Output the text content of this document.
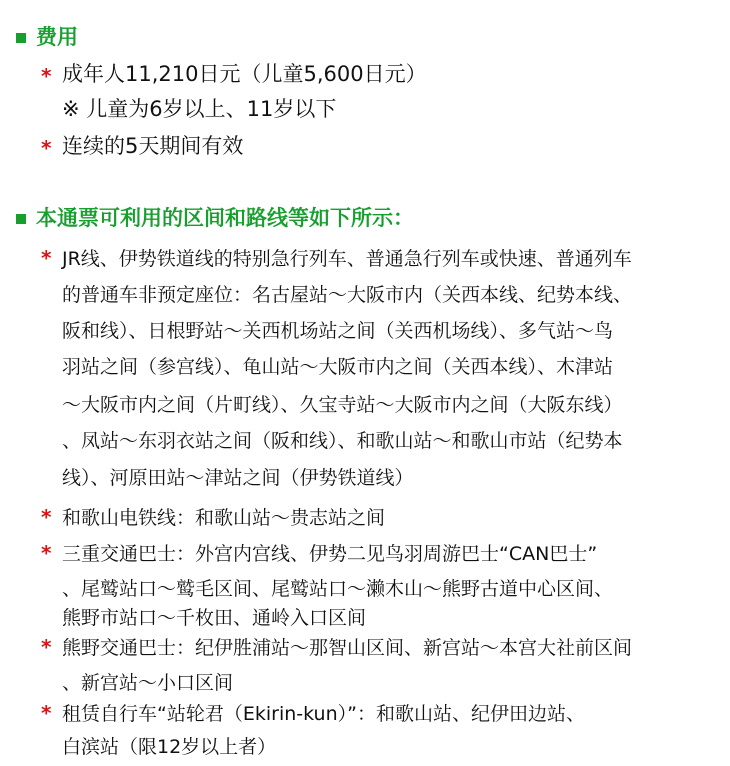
费用
* 成年人11,210日元（儿童5,600日元）
※ 儿童为6岁以上、11岁以下
* 连续的5天期间有效
本通票可利用的区间和路线等如下所示：
* JR线、伊势铁道线的特别急行列车、普通急行列车或快速、普通列车
的普通车非预定座位：名古屋站～大阪市内（关西本线、纪势本线、
阪和线）、日根野站～关西机场站之间（关西机场线）、多气站～鸟
羽站之间（参宫线）、龟山站〜大阪市内之间（关西本线）、木津站
〜大阪市内之间（片町线）、久宝寺站〜大阪市内之间（大阪东线）
、凤站〜东羽衣站之间（阪和线）、和歌山站〜和歌山市站（纪势本
线）、河原田站〜津站之间（伊势铁道线）
* 和歌山电铁线：和歌山站～贵志站之间
* 三重交通巴士：外宫内宫线、伊势二见鸟羽周游巴士“CAN巴士”
、尾鹫站口～鹫毛区间、尾鹫站口～濑木山～熊野古道中心区间、
熊野市站口～千枚田、通岭入口区间
* 熊野交通巴士：纪伊胜浦站～那智山区间、新宫站～本宫大社前区间
、新宫站～小口区间
* 租赁自行车“站轮君（Ekirin-kun）”：和歌山站、纪伊田边站、
白滨站（限12岁以上者）
